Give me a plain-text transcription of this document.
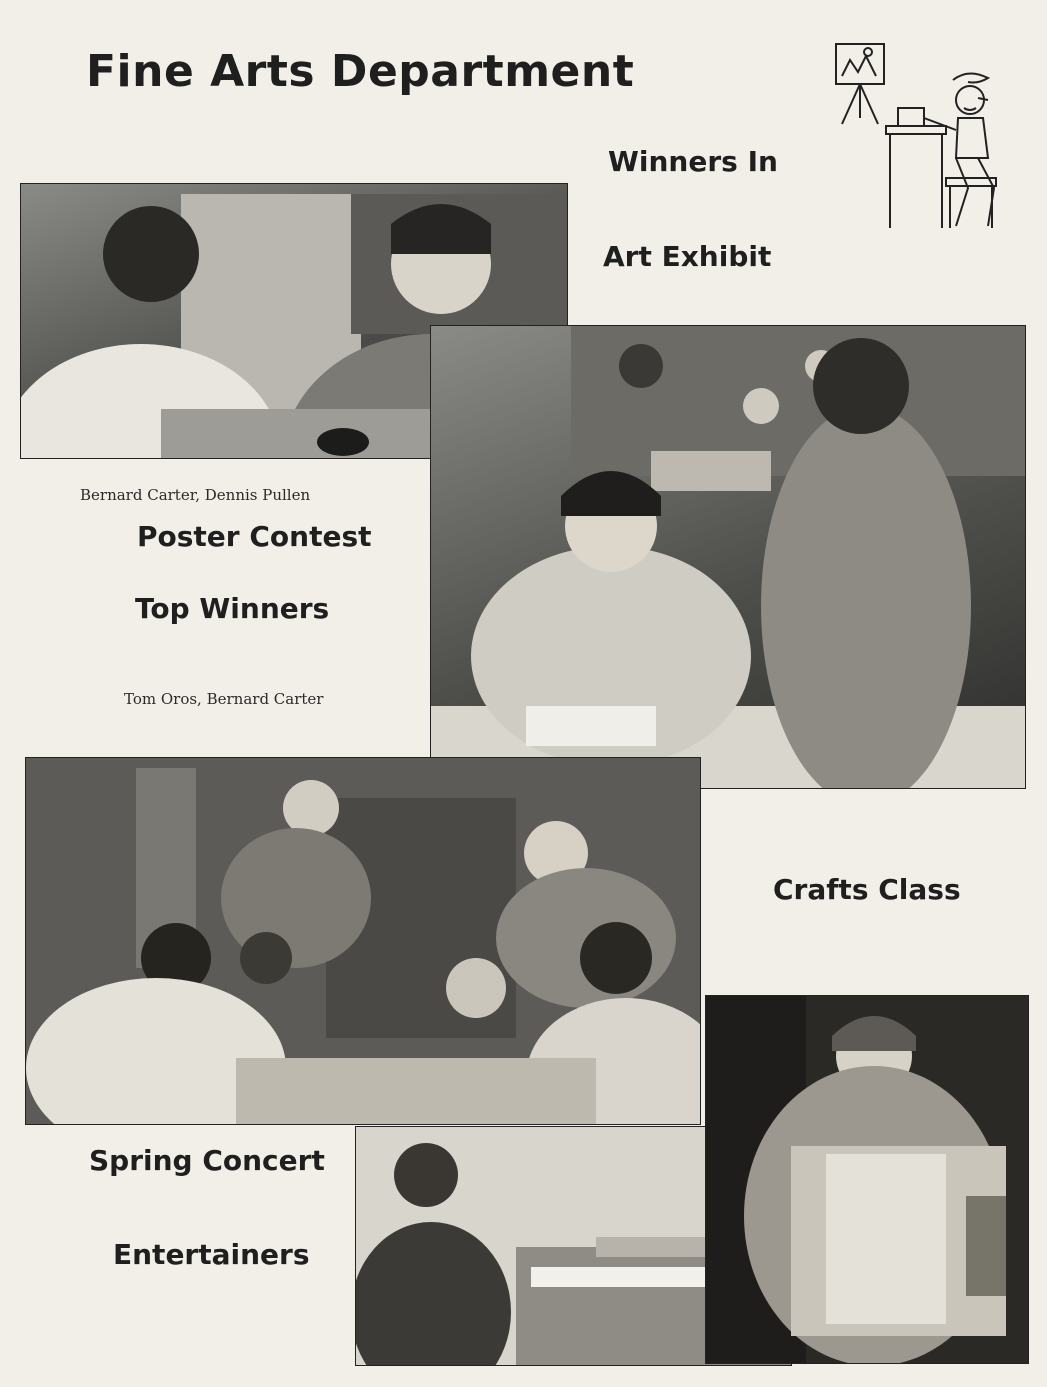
Fine Arts Department
Winners In
Art Exhibit
Bernard Carter, Dennis Pullen
Poster Contest
Top Winners
Tom Oros, Bernard Carter
Crafts Class
Spring Concert
Entertainers
